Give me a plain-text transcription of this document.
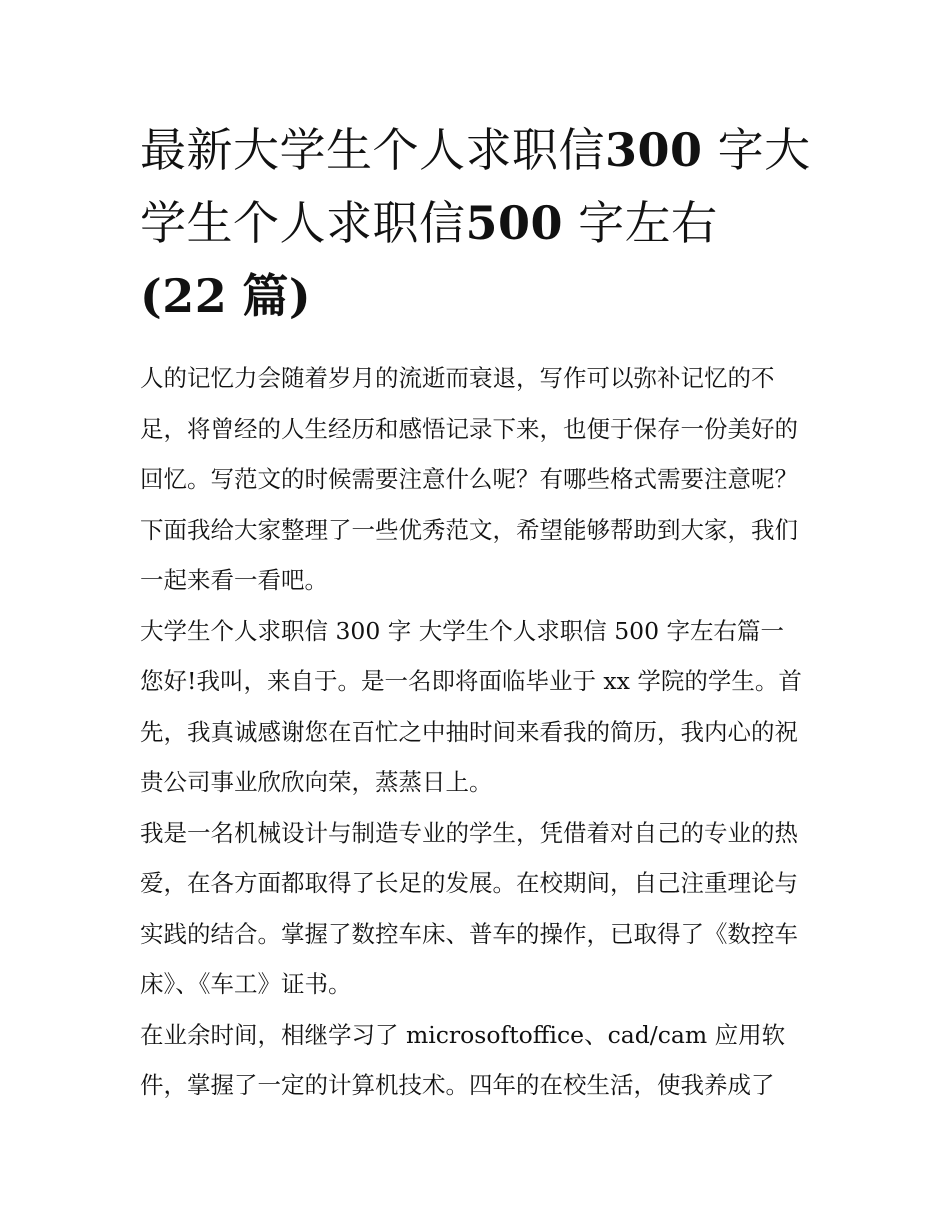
最新大学生个人求职信300 字大学生个人求职信500 字左右
(22 篇)

人的记忆力会随着岁月的流逝而衰退，写作可以弥补记忆的不足，将曾经的人生经历和感悟记录下来，也便于保存一份美好的回忆。写范文的时候需要注意什么呢？有哪些格式需要注意呢？下面我给大家整理了一些优秀范文，希望能够帮助到大家，我们一起来看一看吧。

大学生个人求职信 300 字 大学生个人求职信 500 字左右篇一

您好!我叫，来自于。是一名即将面临毕业于 xx 学院的学生。首先，我真诚感谢您在百忙之中抽时间来看我的简历，我内心的祝贵公司事业欣欣向荣，蒸蒸日上。

我是一名机械设计与制造专业的学生，凭借着对自己的专业的热爱，在各方面都取得了长足的发展。在校期间，自己注重理论与实践的结合。掌握了数控车床、普车的操作，已取得了《数控车床》、《车工》证书。

在业余时间，相继学习了 microsoftoffice、cad/cam 应用软件，掌握了一定的计算机技术。四年的在校生活，使我养成了
